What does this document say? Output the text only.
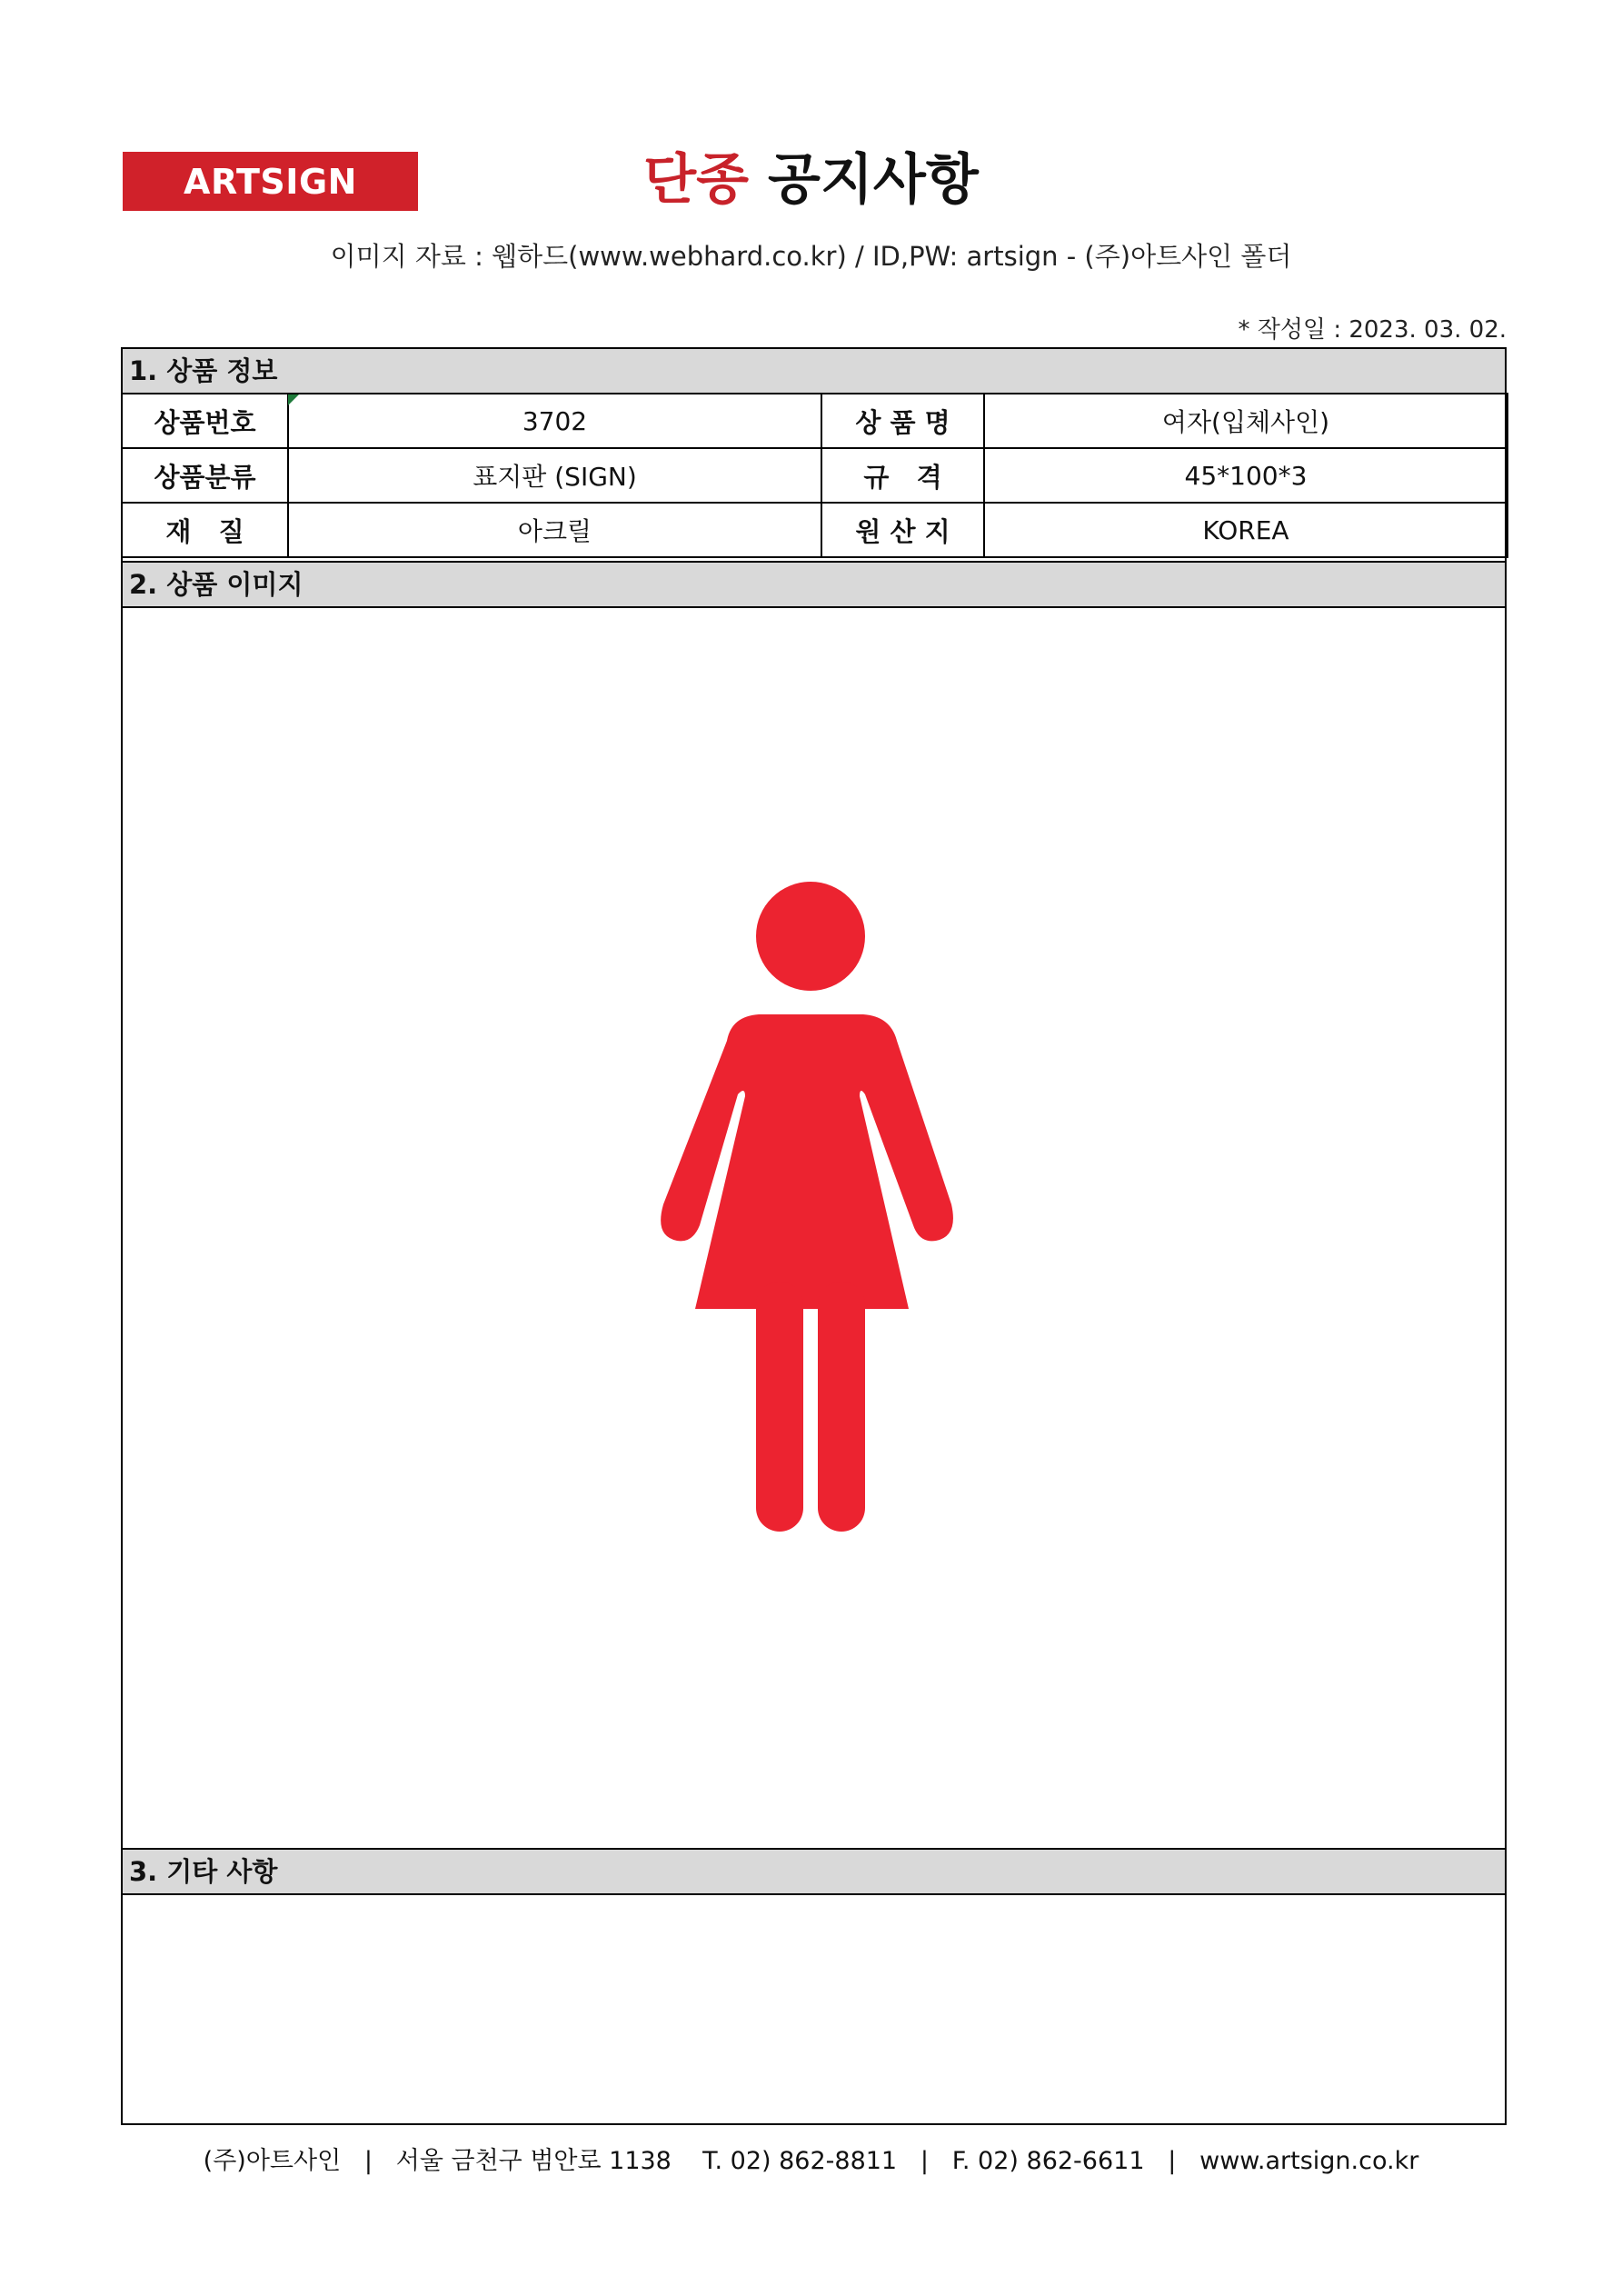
ARTSIGN	단종 공지사항
이미지 자료 : 웹하드(www.webhard.co.kr) / ID,PW: artsign - (주)아트사인 폴더
* 작성일 : 2023. 03. 02.
1. 상품 정보
상품번호	3702	상 품 명	여자(입체사인)
상품분류	표지판 (SIGN)	규   격	45*100*3
재   질	아크릴	원 산 지	KOREA
2. 상품 이미지
3. 기타 사항
(주)아트사인   |   서울 금천구 범안로 1138    T. 02) 862-8811   |   F. 02) 862-6611   |   www.artsign.co.kr
